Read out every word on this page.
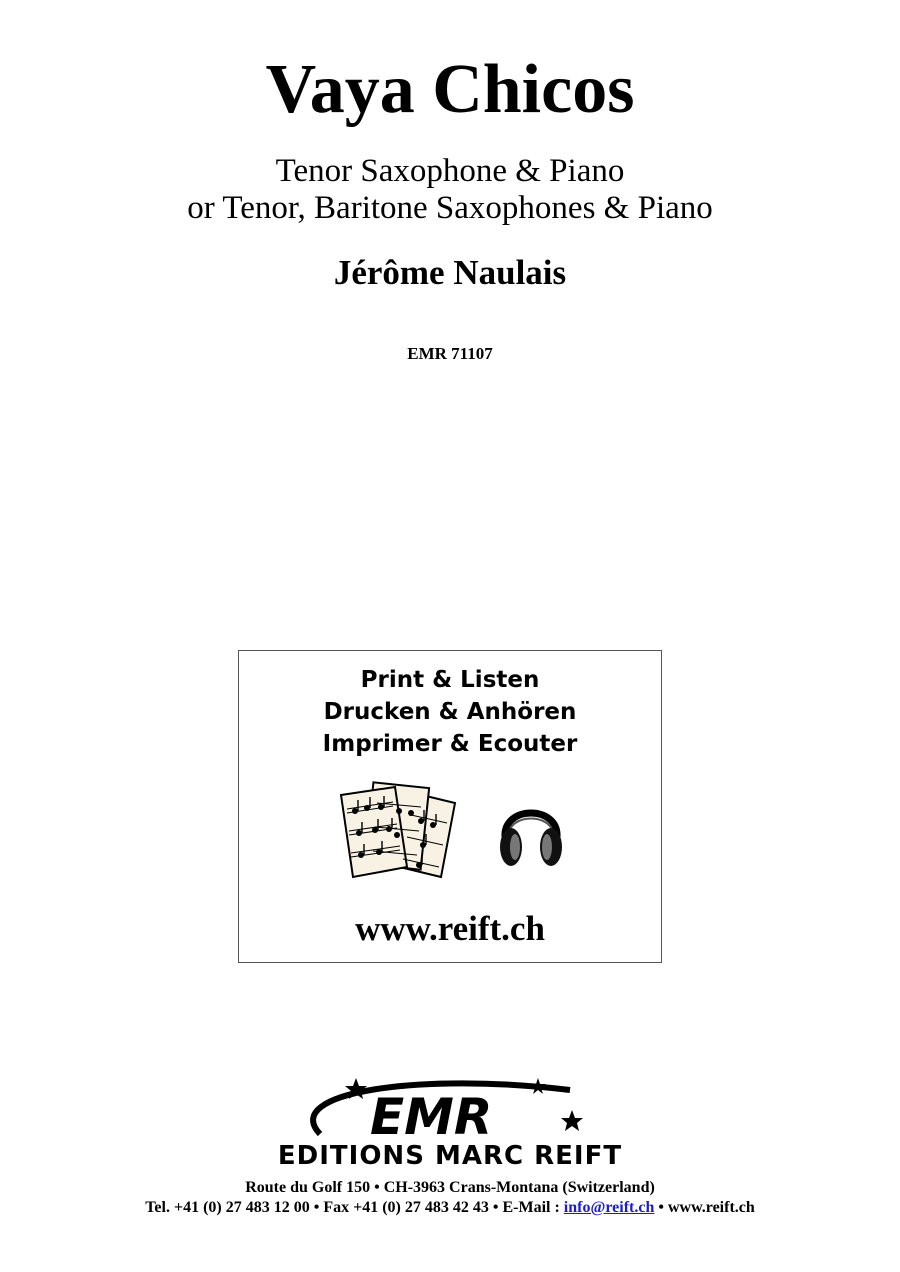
Vaya Chicos
Tenor Saxophone & Piano
or Tenor, Baritone Saxophones & Piano
Jérôme Naulais
EMR 71107
Print & Listen
Drucken & Anhören
Imprimer & Ecouter
www.reift.ch
EMR
EDITIONS MARC REIFT
Route du Golf 150 • CH-3963 Crans-Montana (Switzerland)
Tel. +41 (0) 27 483 12 00 • Fax +41 (0) 27 483 42 43 • E-Mail : info@reift.ch • www.reift.ch
